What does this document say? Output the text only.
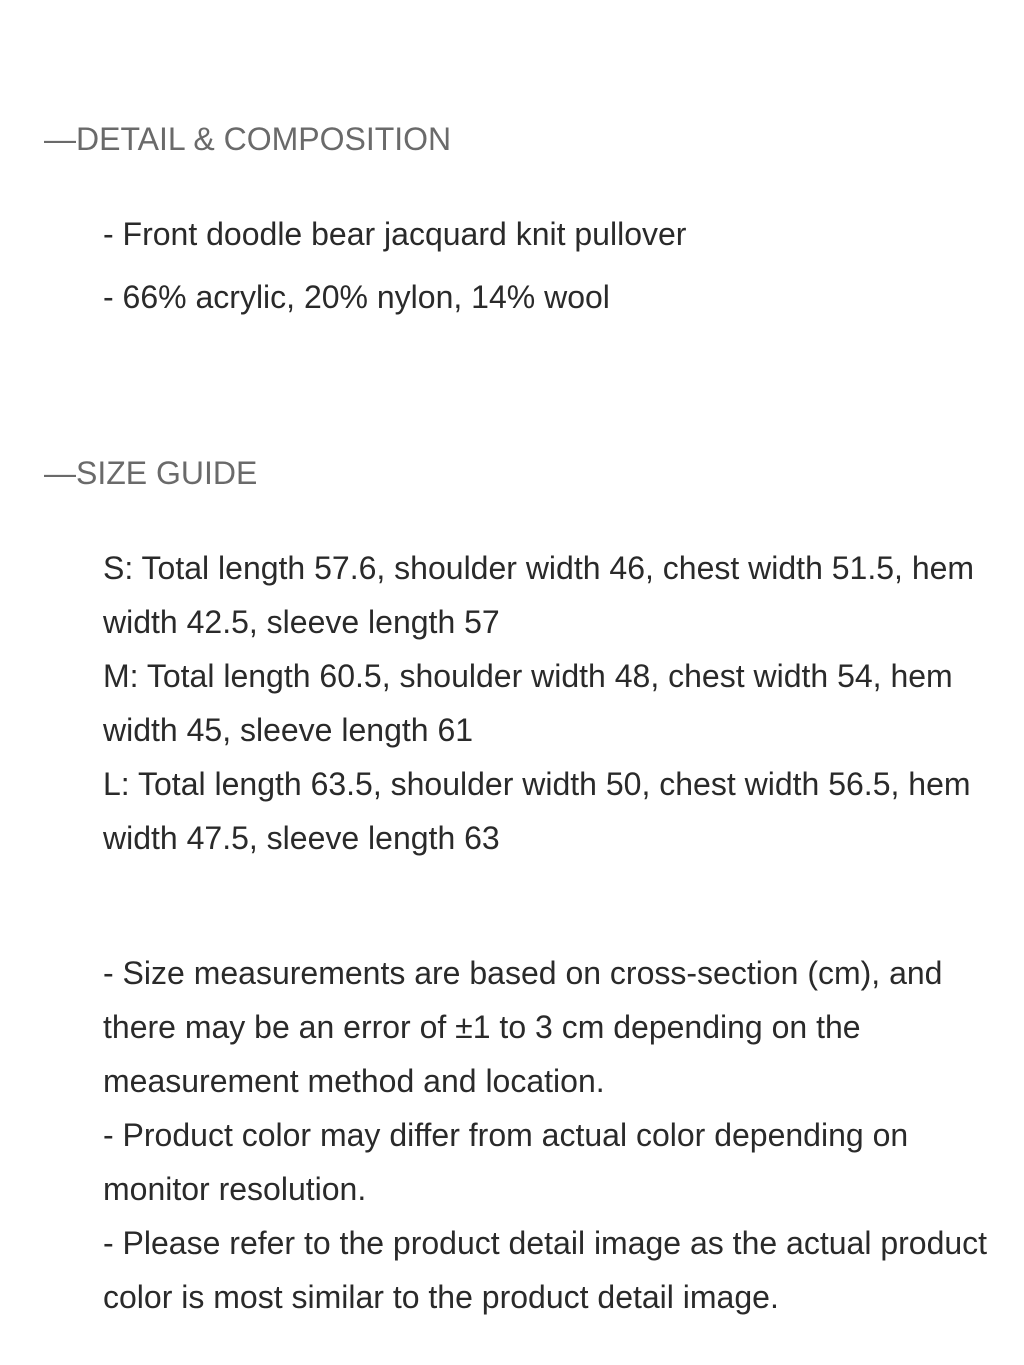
—DETAIL & COMPOSITION
- Front doodle bear jacquard knit pullover
- 66% acrylic, 20% nylon, 14% wool
—SIZE GUIDE

S: Total length 57.6, shoulder width 46, chest width 51.5, hem width 42.5, sleeve length 57

M: Total length 60.5, shoulder width 48, chest width 54, hem width 45, sleeve length 61

L: Total length 63.5, shoulder width 50, chest width 56.5, hem width 47.5, sleeve length 63

- Size measurements are based on cross-section (cm), and there may be an error of ±1 to 3 cm depending on the measurement method and location.

- Product color may differ from actual color depending on monitor resolution.

- Please refer to the product detail image as the actual product color is most similar to the product detail image.
